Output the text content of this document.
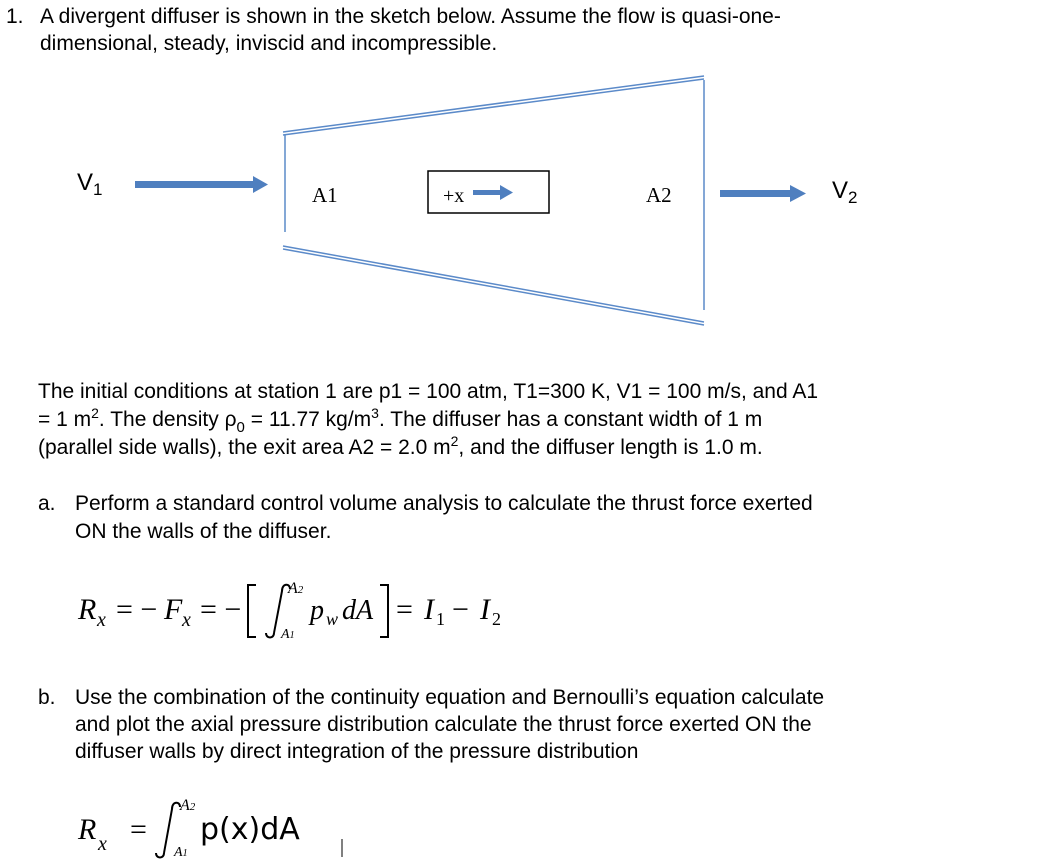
1. A divergent diffuser is shown in the sketch below. Assume the flow is quasi-one-
dimensional, steady, inviscid and incompressible.
$V_1$	A1	+x	A2	$V_2$
The initial conditions at station 1 are p1 = 100 atm, T1=300 K, V1 = 100 m/s, and A1
= 1 $m^2$. The density $\rho_0 = 11.77$ $kg/m^3$. The diffuser has a constant width of 1 m
(parallel side walls), the exit area A2 = 2.0 $m^2$, and the diffuser length is 1.0 m.
a. Perform a standard control volume analysis to calculate the thrust force exerted
ON the walls of the diffuser.
R x = − F x = −
A2
A1
p w dA = I 1 − I 2
b. Use the combination of the continuity equation and Bernoulli’s equation calculate
and plot the axial pressure distribution calculate the thrust force exerted ON the
diffuser walls by direct integration of the pressure distribution
R x =
A2
A1
p(x)dA
